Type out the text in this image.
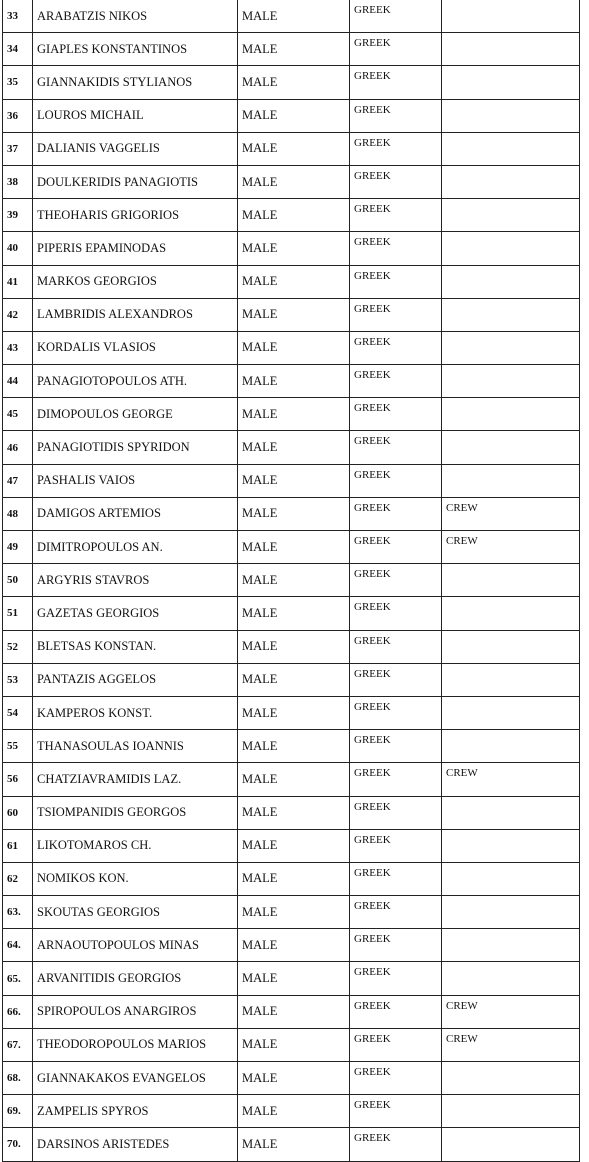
33	ARABATZIS NIKOS	MALE	GREEK	
34	GIAPLES KONSTANTINOS	MALE	GREEK	
35	GIANNAKIDIS STYLIANOS	MALE	GREEK	
36	LOUROS MICHAIL	MALE	GREEK	
37	DALIANIS VAGGELIS	MALE	GREEK	
38	DOULKERIDIS PANAGIOTIS	MALE	GREEK	
39	THEOHARIS GRIGORIOS	MALE	GREEK	
40	PIPERIS EPAMINODAS	MALE	GREEK	
41	MARKOS GEORGIOS	MALE	GREEK	
42	LAMBRIDIS ALEXANDROS	MALE	GREEK	
43	KORDALIS VLASIOS	MALE	GREEK	
44	PANAGIOTOPOULOS ATH.	MALE	GREEK	
45	DIMOPOULOS GEORGE	MALE	GREEK	
46	PANAGIOTIDIS SPYRIDON	MALE	GREEK	
47	PASHALIS VAIOS	MALE	GREEK	
48	DAMIGOS ARTEMIOS	MALE	GREEK	CREW
49	DIMITROPOULOS AN.	MALE	GREEK	CREW
50	ARGYRIS STAVROS	MALE	GREEK	
51	GAZETAS GEORGIOS	MALE	GREEK	
52	BLETSAS KONSTAN.	MALE	GREEK	
53	PANTAZIS AGGELOS	MALE	GREEK	
54	KAMPEROS KONST.	MALE	GREEK	
55	THANASOULAS IOANNIS	MALE	GREEK	
56	CHATZIAVRAMIDIS LAZ.	MALE	GREEK	CREW
60	TSIOMPANIDIS GEORGOS	MALE	GREEK	
61	LIKOTOMAROS CH.	MALE	GREEK	
62	NOMIKOS KON.	MALE	GREEK	
63.	SKOUTAS GEORGIOS	MALE	GREEK	
64.	ARNAOUTOPOULOS MINAS	MALE	GREEK	
65.	ARVANITIDIS GEORGIOS	MALE	GREEK	
66.	SPIROPOULOS ANARGIROS	MALE	GREEK	CREW
67.	THEODOROPOULOS MARIOS	MALE	GREEK	CREW
68.	GIANNAKAKOS EVANGELOS	MALE	GREEK	
69.	ZAMPELIS SPYROS	MALE	GREEK	
70.	DARSINOS ARISTEDES	MALE	GREEK	
